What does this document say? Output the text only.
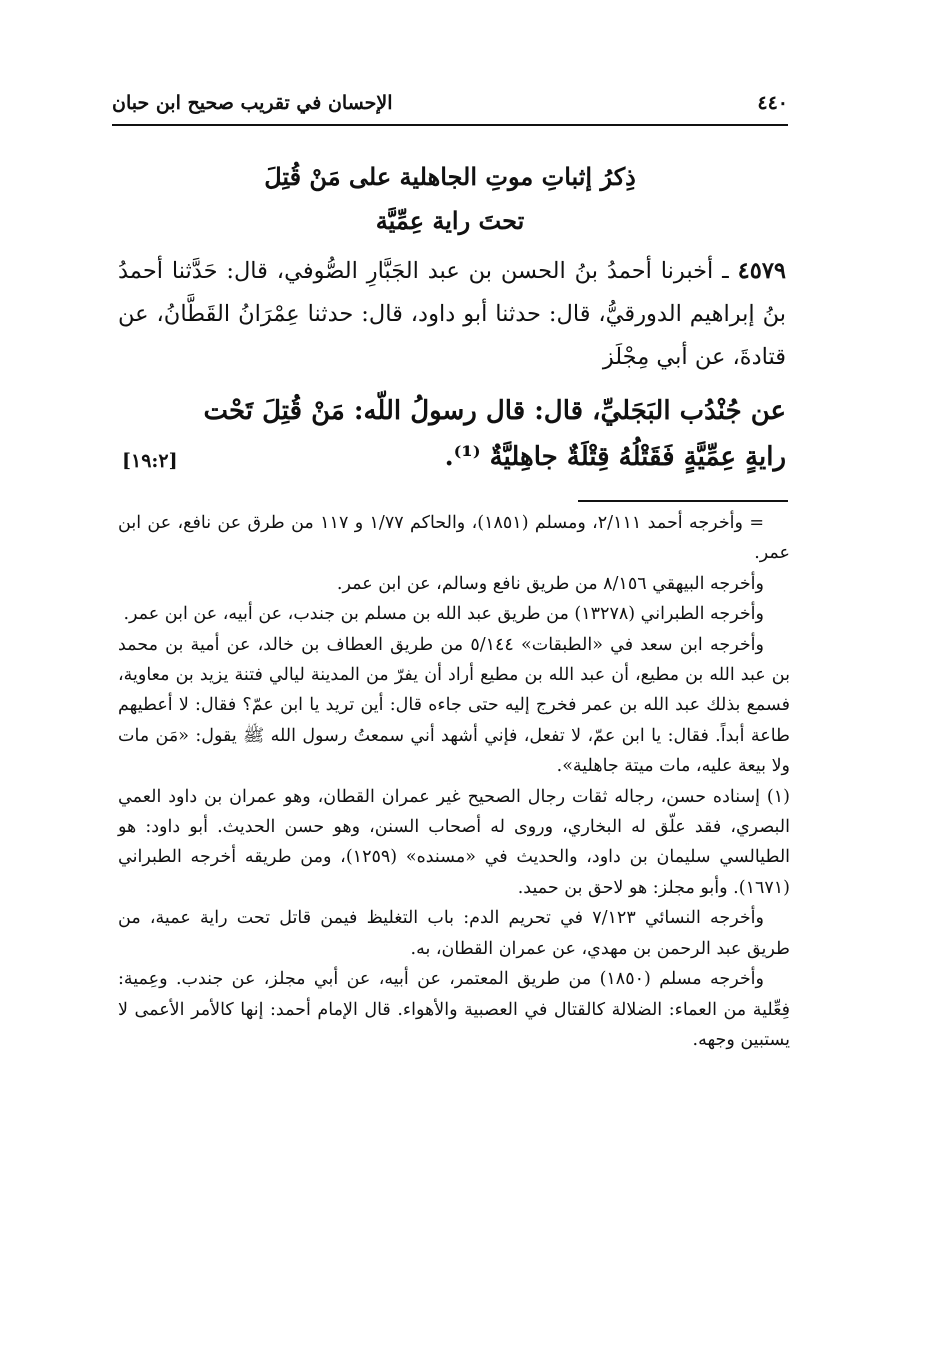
٤٤٠
الإحسان في تقريب صحيح ابن حبان
ذِكرُ إثباتِ موتِ الجاهلية على مَنْ قُتِلَ
تحتَ راية عِمِّيَّة
٤٥٧٩ ـ أخبرنا أحمدُ بنُ الحسن بن عبد الجَبَّارِ الصُّوفي، قال: حَدَّثنا أحمدُ بنُ إبراهيم الدورقيُّ، قال: حدثنا أبو داود، قال: حدثنا عِمْرَانُ القَطَّانُ، عن قتادةَ، عن أبي مِجْلَز
عن جُنْدُب البَجَليِّ، قال: قال رسولُ اللّه: مَنْ قُتِلَ تَحْت
رايةٍ عِمِّيَّةٍ فَقَتْلُهُ قِتْلَةٌ جاهِليَّةٌ ⁽¹⁾.
[١٩:٢]

= وأخرجه أحمد ٢/١١١، ومسلم (١٨٥١)، والحاكم ١/٧٧ و ١١٧ من طرق عن نافع، عن ابن عمر.

وأخرجه البيهقي ٨/١٥٦ من طريق نافع وسالم، عن ابن عمر.

وأخرجه الطبراني (١٣٢٧٨) من طريق عبد الله بن مسلم بن جندب، عن أبيه، عن ابن عمر.

وأخرجه ابن سعد في «الطبقات» ٥/١٤٤ من طريق العطاف بن خالد، عن أمية بن محمد بن عبد الله بن مطيع، أن عبد الله بن مطيع أراد أن يفرّ من المدينة ليالي فتنة يزيد بن معاوية، فسمع بذلك عبد الله بن عمر فخرج إليه حتى جاءه قال: أين تريد يا ابن عمّ؟ فقال: لا أعطيهم طاعة أبداً. فقال: يا ابن عمّ، لا تفعل، فإني أشهد أني سمعتُ رسول الله ﷺ يقول: «مَن مات ولا بيعة عليه، مات ميتة جاهلية».

(١) إسناده حسن، رجاله ثقات رجال الصحيح غير عمران القطان، وهو عمران بن داود العمي البصري، فقد علّق له البخاري، وروى له أصحاب السنن، وهو حسن الحديث. أبو داود: هو الطيالسي سليمان بن داود، والحديث في «مسنده» (١٢٥٩)، ومن طريقه أخرجه الطبراني (١٦٧١). وأبو مجلز: هو لاحق بن حميد.

وأخرجه النسائي ٧/١٢٣ في تحريم الدم: باب التغليظ فيمن قاتل تحت راية عمية، من طريق عبد الرحمن بن مهدي، عن عمران القطان، به.

وأخرجه مسلم (١٨٥٠) من طريق المعتمر، عن أبيه، عن أبي مجلز، عن جندب. وعِمية: فِعِّلية من العماء: الضلالة كالقتال في العصبية والأهواء. قال الإمام أحمد: إنها كالأمر الأعمى لا يستبين وجهه.
